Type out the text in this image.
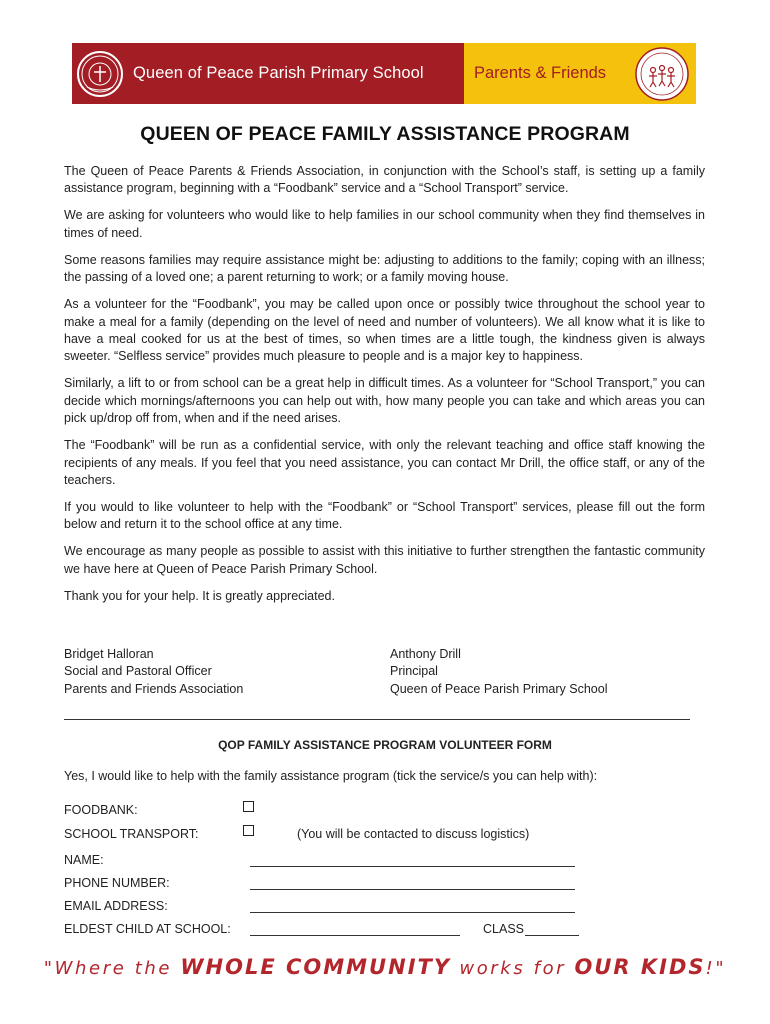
Queen of Peace Parish Primary School	Parents & Friends
QUEEN OF PEACE FAMILY ASSISTANCE PROGRAM

The Queen of Peace Parents & Friends Association, in conjunction with the School’s staff, is setting up a family assistance program, beginning with a “Foodbank” service and a “School Transport” service.

We are asking for volunteers who would like to help families in our school community when they find themselves in times of need.

Some reasons families may require assistance might be: adjusting to additions to the family; coping with an illness; the passing of a loved one; a parent returning to work; or a family moving house.

As a volunteer for the “Foodbank”, you may be called upon once or possibly twice throughout the school year to make a meal for a family (depending on the level of need and number of volunteers). We all know what it is like to have a meal cooked for us at the best of times, so when times are a little tough, the kindness given is always sweeter. “Selfless service” provides much pleasure to people and is a major key to happiness.

Similarly, a lift to or from school can be a great help in difficult times. As a volunteer for “School Transport,” you can decide which mornings/afternoons you can help out with, how many people you can take and which areas you can pick up/drop off from, when and if the need arises.

The “Foodbank” will be run as a confidential service, with only the relevant teaching and office staff knowing the recipients of any meals. If you feel that you need assistance, you can contact Mr Drill, the office staff, or any of the teachers.

If you would to like volunteer to help with the “Foodbank” or “School Transport” services, please fill out the form below and return it to the school office at any time.

We encourage as many people as possible to assist with this initiative to further strengthen the fantastic community we have here at Queen of Peace Parish Primary School.

Thank you for your help. It is greatly appreciated.

Bridget Halloran
Social and Pastoral Officer
Parents and Friends Association
Anthony Drill
Principal
Queen of Peace Parish Primary School
QOP FAMILY ASSISTANCE PROGRAM VOLUNTEER FORM
Yes, I would like to help with the family assistance program (tick the service/s you can help with):
FOODBANK:
SCHOOL TRANSPORT:	(You will be contacted to discuss logistics)
NAME:
PHONE NUMBER:
EMAIL ADDRESS:
ELDEST CHILD AT SCHOOL:	CLASS
"Where the WHOLE COMMUNITY works for OUR KIDS!"
